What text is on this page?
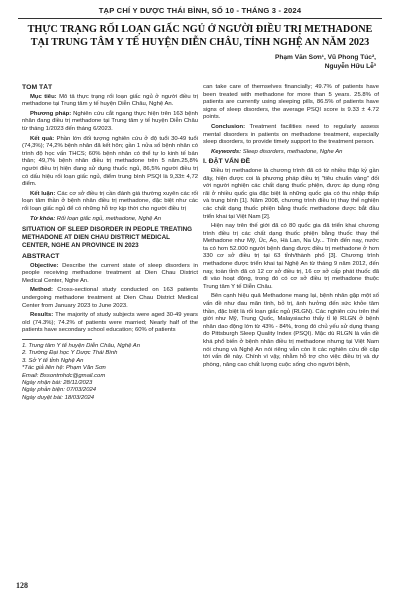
TẠP CHÍ Y DƯỢC THÁI BÌNH, SỐ 10 - THÁNG 3 - 2024
THỰC TRẠNG RỐI LOẠN GIẤC NGỦ Ở NGƯỜI ĐIỀU TRỊ METHADONE TẠI TRUNG TÂM Y TẾ HUYỆN DIỄN CHÂU, TỈNH NGHỆ AN NĂM 2023
Phạm Văn Sơn¹, Vũ Phong Túc²,
Nguyễn Hữu Lễ³
TÓM TẮT

Mục tiêu: Mô tả thực trạng rối loạn giấc ngủ ở người điều trị methadone tại Trung tâm y tế huyện Diễn Châu, Nghệ An.

Phương pháp: Nghiên cứu cắt ngang thực hiện trên 163 bệnh nhân đang điều trị methadone tại Trung tâm y tế huyện Diễn Châu từ tháng 1/2023 đến tháng 6/2023.

Kết quả: Phần lớn đối tượng nghiên cứu ở độ tuổi 30-49 tuổi (74,3%); 74,2% bệnh nhân đã kết hôn; gần 1 nửa số bệnh nhân có trình độ học vấn THCS; 60% bệnh nhân có thể tự lo kinh tế bản thân; 49,7% bệnh nhân điều trị methadone trên 5 năm.25,8% người điều trị hiện đang sử dụng thuốc ngủ, 86,5% người điều trị có dấu hiệu rối loạn giấc ngủ, điểm trung bình PSQI là 9,33± 4,72 điểm.

Kết luận: Các cơ sở điều trị cần đánh giá thường xuyên các rối loạn tâm thần ở bệnh nhân điều trị methadone, đặc biệt như các rối loạn giấc ngủ để có những hỗ trợ kịp thời cho người điều trị

Từ khóa: Rối loạn giấc ngủ, methadone, Nghệ An

SITUATION OF SLEEP DISORDER IN PEOPLE TREATING METHADONE AT DIEN CHAU DISTRICT MEDICAL CENTER, NGHE AN PROVINCE IN 2023
ABSTRACT

Objective: Describe the current state of sleep disorders in people receiving methadone treatment at Dien Chau District Medical Center, Nghe An.

Method: Cross-sectional study conducted on 163 patients undergoing methadone treatment at Dien Chau District Medical Center from January 2023 to June 2023.

Results: The majority of study subjects were aged 30-49 years old (74.3%); 74.2% of patients were married; Nearly half of the patients have secondary school education; 60% of patients

1. Trung tâm Y tế huyện Diễn Châu, Nghệ An

2. Trường Đại học Y Dược Thái Bình

3. Sở Y tế tỉnh Nghệ An

*Tác giả liên hệ: Phạm Văn Sơn

Email: Bssontmhdc@gmail.com

Ngày nhận bài: 28/11/2023

Ngày phản biện: 07/03/2024

Ngày duyệt bài: 18/03/2024

can take care of themselves financially; 49.7% of patients have been treated with methadone for more than 5 years. 25.8% of patients are currently using sleeping pills, 86.5% of patients have signs of sleep disorders, the average PSQI score is 9.33 ± 4.72 points.

Conclusion: Treatment facilities need to regularly assess mental disorders in patients on methadone treatment, especially sleep disorders, to provide timely support to the treatment person.

Keywords: Sleep disorders, methadone, Nghe An

I. ĐẶT VẤN ĐỀ

Điều trị methadone là chương trình đã có từ nhiều thập kỷ gần đây, hiện được coi là phương pháp điều trị "tiêu chuẩn vàng" đối với người nghiện các chất dạng thuốc phiện, được áp dụng rộng rãi ở nhiều quốc gia đặc biệt là những quốc gia có thu nhập thấp và trung bình [1]. Năm 2008, chương trình điều trị thay thế nghiện các chất dạng thuốc phiện bằng thuốc methadone được bắt đầu triển khai tại Việt Nam [2].

Hiện nay trên thế giới đã có 80 quốc gia đã triển khai chương trình điều trị các chất dạng thuốc phiện bằng thuốc thay thế Methadone như Mỹ, Úc, Áo, Hà Lan, Na Uy... Tính đến nay, nước ta có hơn 52.000 người bệnh đang được điều trị methadone ở hơn 330 cơ sở điều trị tại 63 tỉnh/thành phố [3]. Chương trình methadone được triển khai tại Nghệ An từ tháng 9 năm 2012, đến nay, toàn tỉnh đã có 12 cơ sở điều trị, 16 cơ sở cấp phát thuốc đã đi vào hoạt động, trong đó có cơ sở điều trị methadone thuộc Trung tâm Y tế Diễn Châu.

Bên cạnh hiệu quả Methadone mang lại, bệnh nhân gặp một số vấn đề như đau mãn tính, bỏ trị, ảnh hưởng đến sức khỏe tâm thần, đặc biệt là rối loạn giấc ngủ (RLGN). Các nghiên cứu trên thế giới như Mỹ, Trung Quốc, Malaysiacho thấy tỉ lệ RLGN ở bệnh nhân dao động lớn từ 43% - 84%, trong đó chủ yếu sử dụng thang đo Pittsburgh Sleep Quality Index (PSQI). Mặc dù RLGN là vấn đề khá phổ biến ở bệnh nhân điều trị methadone nhưng tại Việt Nam nói chung và Nghệ An nói riêng vẫn còn ít các nghiên cứu đề cập tới vấn đề này. Chính vì vậy, nhằm hỗ trợ cho việc điều trị và dự phòng, nâng cao chất lượng cuộc sống cho người bệnh,

128
